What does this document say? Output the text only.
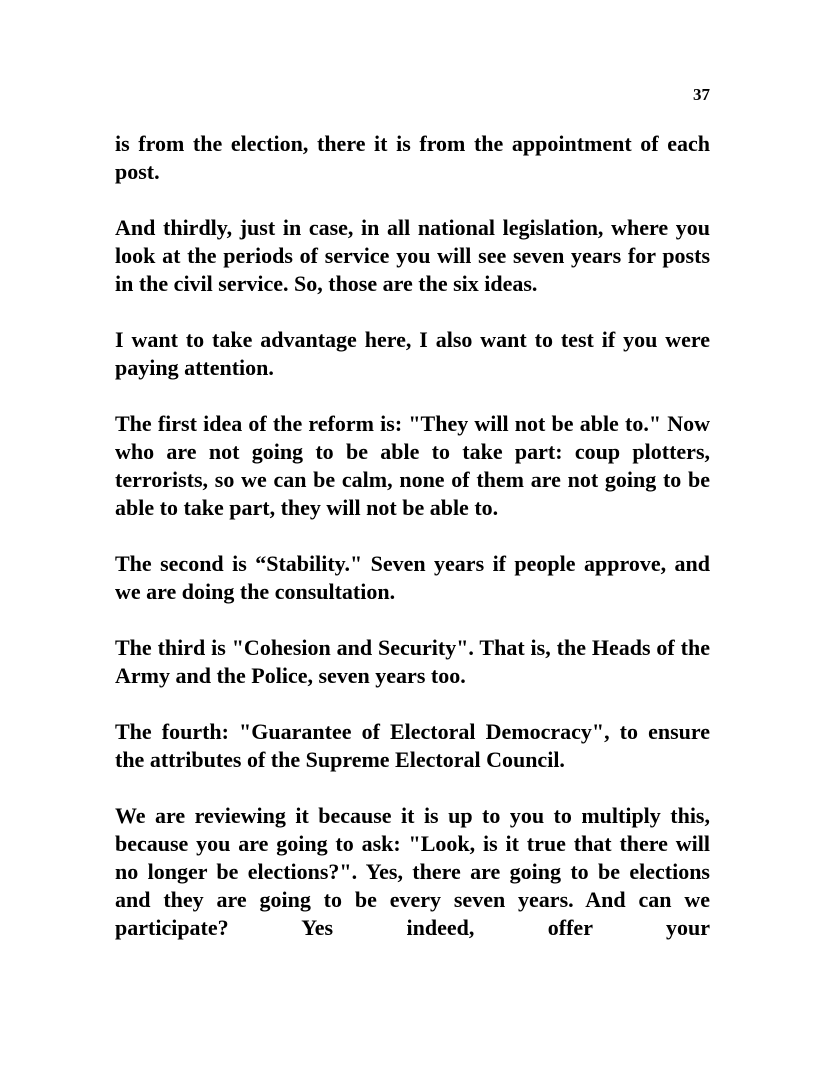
37

is from the election, there it is from the appointment of each post.

And thirdly, just in case, in all national legislation, where you look at the periods of service you will see seven years for posts in the civil service. So, those are the six ideas.

I want to take advantage here, I also want to test if you were paying attention.

The first idea of the reform is: "They will not be able to." Now who are not going to be able to take part: coup plotters, terrorists, so we can be calm, none of them are not going to be able to take part, they will not be able to.

The second is “Stability." Seven years if people approve, and we are doing the consultation.

The third is "Cohesion and Security". That is, the Heads of the Army and the Police, seven years too.

The fourth: "Guarantee of Electoral Democracy", to ensure the attributes of the Supreme Electoral Council.

We are reviewing it because it is up to you to multiply this, because you are going to ask: "Look, is it true that there will no longer be elections?". Yes, there are going to be elections and they are going to be every seven years. And can we participate? Yes indeed, offer your
